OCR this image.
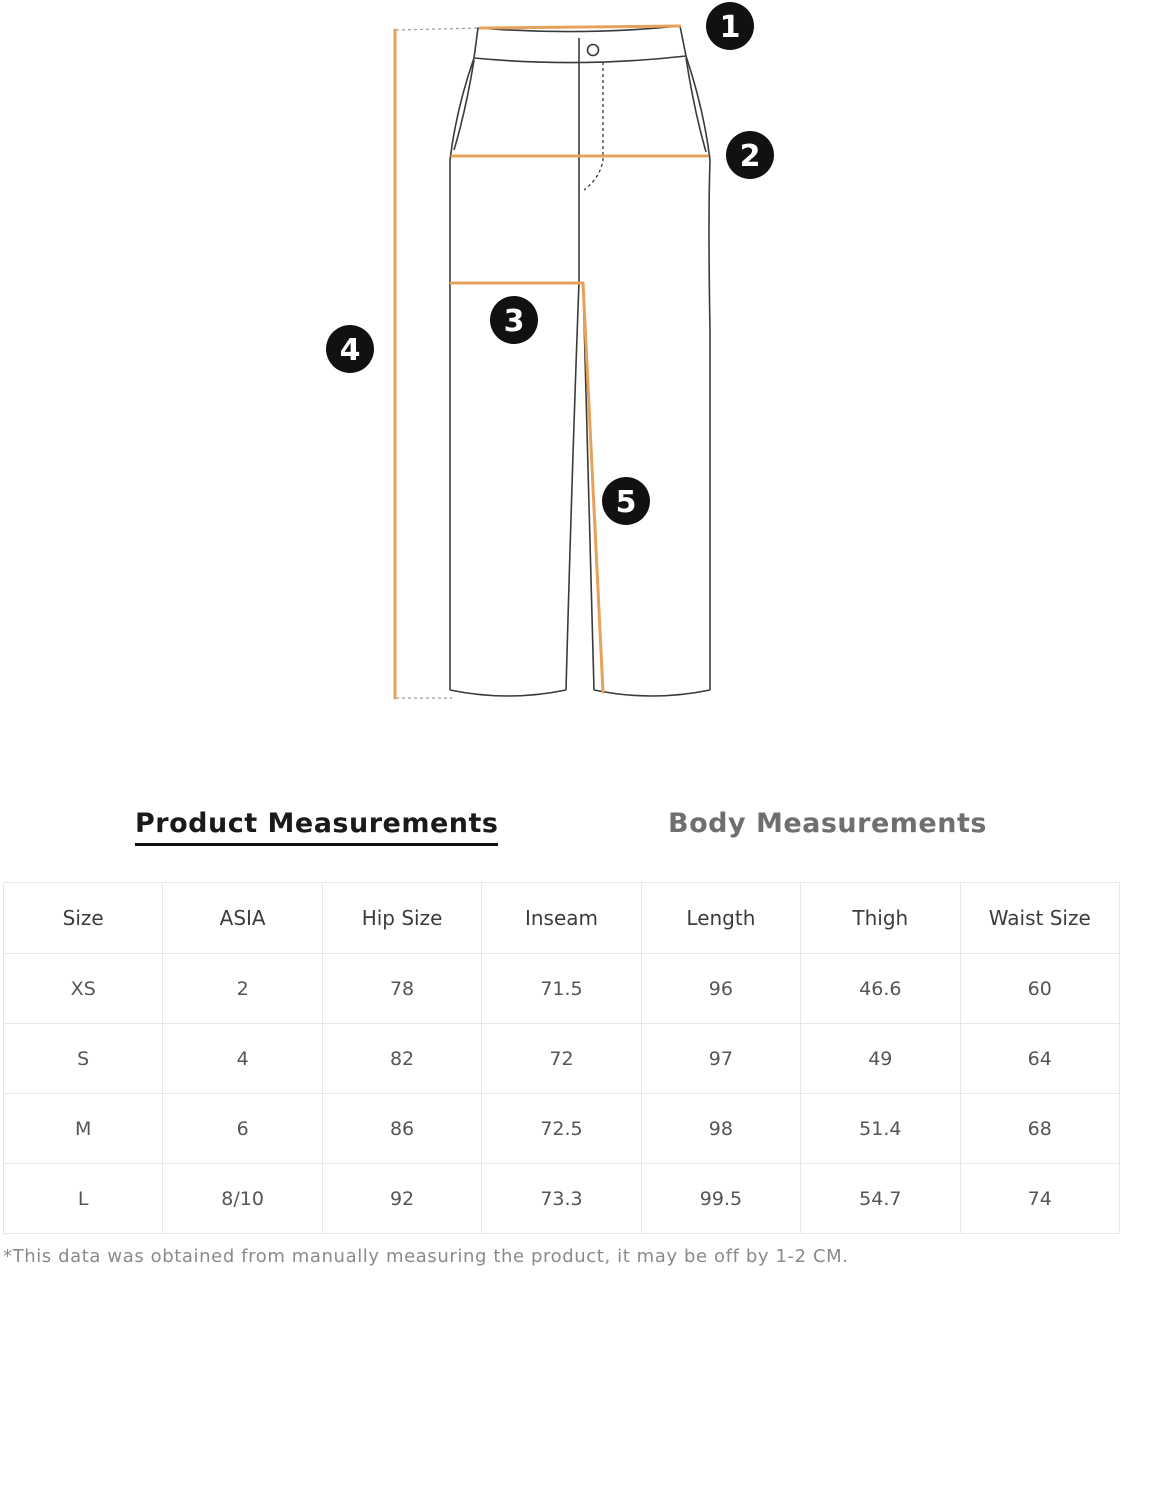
1
2
3
4
5
Product Measurements	Body Measurements
Size	ASIA	Hip Size	Inseam	Length	Thigh	Waist Size
XS	2	78	71.5	96	46.6	60
S	4	82	72	97	49	64
M	6	86	72.5	98	51.4	68
L	8/10	92	73.3	99.5	54.7	74
*This data was obtained from manually measuring the product, it may be off by 1-2 CM.
